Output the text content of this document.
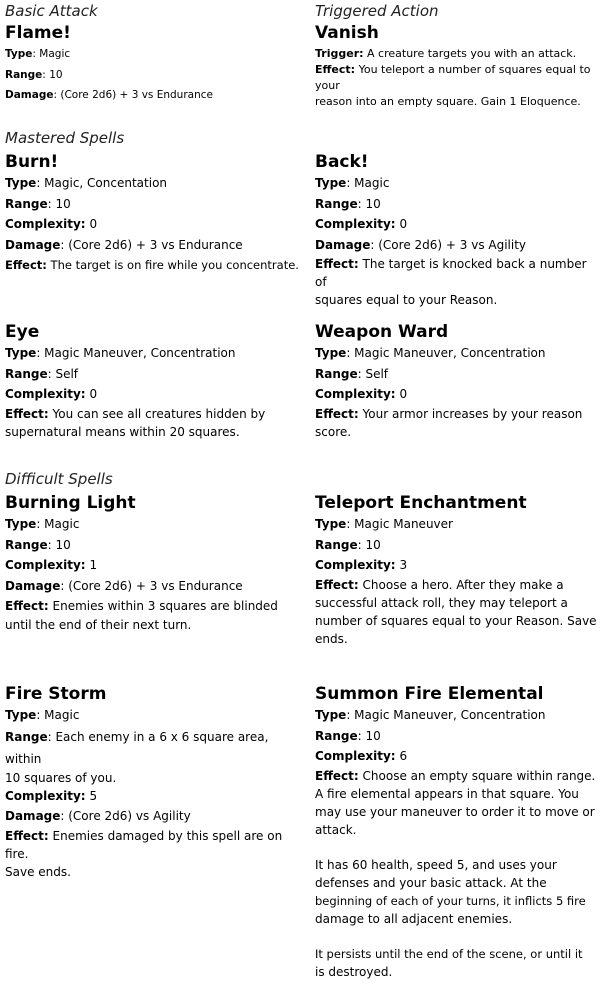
Basic Attack	Triggered Action
Mastered Spells
Difficult Spells
Flame!
Type: Magic
Range: 10
Damage: (Core 2d6) + 3 vs Endurance
Vanish
Trigger: A creature targets you with an attack.
Effect: You teleport a number of squares equal to your
reason into an empty square. Gain 1 Eloquence.
Burn!
Type: Magic, Concentation
Range: 10
Complexity: 0
Damage: (Core 2d6) + 3 vs Endurance
Effect: The target is on fire while you concentrate.
Back!
Type: Magic
Range: 10
Complexity: 0
Damage: (Core 2d6) + 3 vs Agility
Effect: The target is knocked back a number of
squares equal to your Reason.
Eye
Type: Magic Maneuver, Concentration
Range: Self
Complexity: 0
Effect: You can see all creatures hidden by
supernatural means within 20 squares.
Weapon Ward
Type: Magic Maneuver, Concentration
Range: Self
Complexity: 0
Effect: Your armor increases by your reason
score.
Burning Light
Type: Magic
Range: 10
Complexity: 1
Damage: (Core 2d6) + 3 vs Endurance
Effect: Enemies within 3 squares are blinded
until the end of their next turn.
Teleport Enchantment
Type: Magic Maneuver
Range: 10
Complexity: 3
Effect: Choose a hero. After they make a
successful attack roll, they may teleport a
number of squares equal to your Reason. Save
ends.
Fire Storm
Type: Magic
Range: Each enemy in a 6 x 6 square area, within
10 squares of you.
Complexity: 5
Damage: (Core 2d6) vs Agility
Effect: Enemies damaged by this spell are on fire.
Save ends.
Summon Fire Elemental
Type: Magic Maneuver, Concentration
Range: 10
Complexity: 6
Effect: Choose an empty square within range.
A fire elemental appears in that square. You
may use your maneuver to order it to move or
attack.
It has 60 health, speed 5, and uses your
defenses and your basic attack. At the
beginning of each of your turns, it inflicts 5 fire
damage to all adjacent enemies.
It persists until the end of the scene, or until it
is destroyed.
